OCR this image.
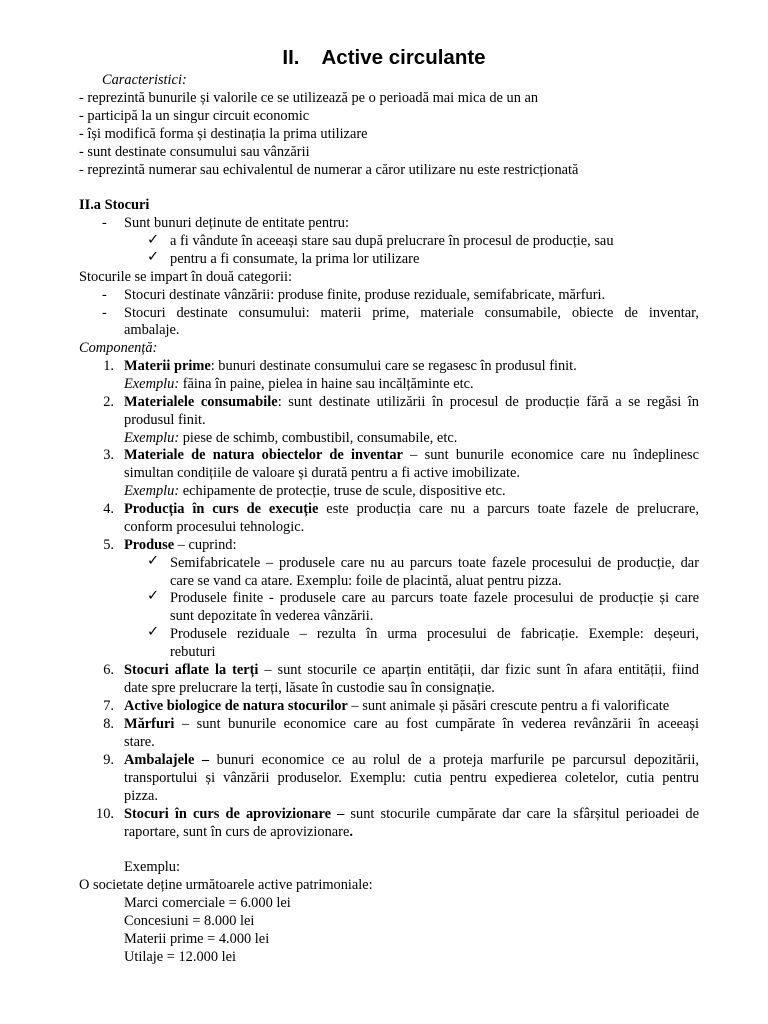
II. Active circulante
Caracteristici:
- reprezintă bunurile și valorile ce se utilizează pe o perioadă mai mica de un an
- participă la un singur circuit economic
- își modifică forma și destinația la prima utilizare
- sunt destinate consumului sau vânzării
- reprezintă numerar sau echivalentul de numerar a căror utilizare nu este restricționată
II.a Stocuri
- Sunt bunuri deținute de entitate pentru:
✓ a fi vândute în aceeași stare sau după prelucrare în procesul de producție, sau
✓ pentru a fi consumate, la prima lor utilizare
Stocurile se impart în două categorii:
- Stocuri destinate vânzării: produse finite, produse reziduale, semifabricate, mărfuri.
- Stocuri destinate consumului: materii prime, materiale consumabile, obiecte de inventar,
ambalaje.
Componență:
1. Materii prime: bunuri destinate consumului care se regasesc în produsul finit.
Exemplu: făina în paine, pielea in haine sau incălțăminte etc.
2. Materialele consumabile: sunt destinate utilizării în procesul de producție fără a se regăsi în
produsul finit.
Exemplu: piese de schimb, combustibil, consumabile, etc.
3. Materiale de natura obiectelor de inventar – sunt bunurile economice care nu îndeplinesc
simultan condițiile de valoare și durată pentru a fi active imobilizate.
Exemplu: echipamente de protecție, truse de scule, dispositive etc.
4. Producția în curs de execuție este producția care nu a parcurs toate fazele de prelucrare,
conform procesului tehnologic.
5. Produse – cuprind:
✓ Semifabricatele – produsele care nu au parcurs toate fazele procesului de producție, dar
care se vand ca atare. Exemplu: foile de placintă, aluat pentru pizza.
✓ Produsele finite - produsele care au parcurs toate fazele procesului de producție și care
sunt depozitate în vederea vânzării.
✓ Produsele reziduale – rezulta în urma procesului de fabricație. Exemple: deșeuri,
rebuturi
6. Stocuri aflate la terți – sunt stocurile ce aparțin entității, dar fizic sunt în afara entității, fiind
date spre prelucrare la terți, lăsate în custodie sau în consignație.
7. Active biologice de natura stocurilor – sunt animale și păsări crescute pentru a fi valorificate
8. Mărfuri – sunt bunurile economice care au fost cumpărate în vederea revânzării în aceeași
stare.
9. Ambalajele – bunuri economice ce au rolul de a proteja marfurile pe parcursul depozitării,
transportului și vânzării produselor. Exemplu: cutia pentru expedierea coletelor, cutia pentru
pizza.
10. Stocuri în curs de aprovizionare – sunt stocurile cumpărate dar care la sfârșitul perioadei de
raportare, sunt în curs de aprovizionare.
Exemplu:
O societate deține următoarele active patrimoniale:
Marci comerciale = 6.000 lei
Concesiuni = 8.000 lei
Materii prime = 4.000 lei
Utilaje = 12.000 lei
